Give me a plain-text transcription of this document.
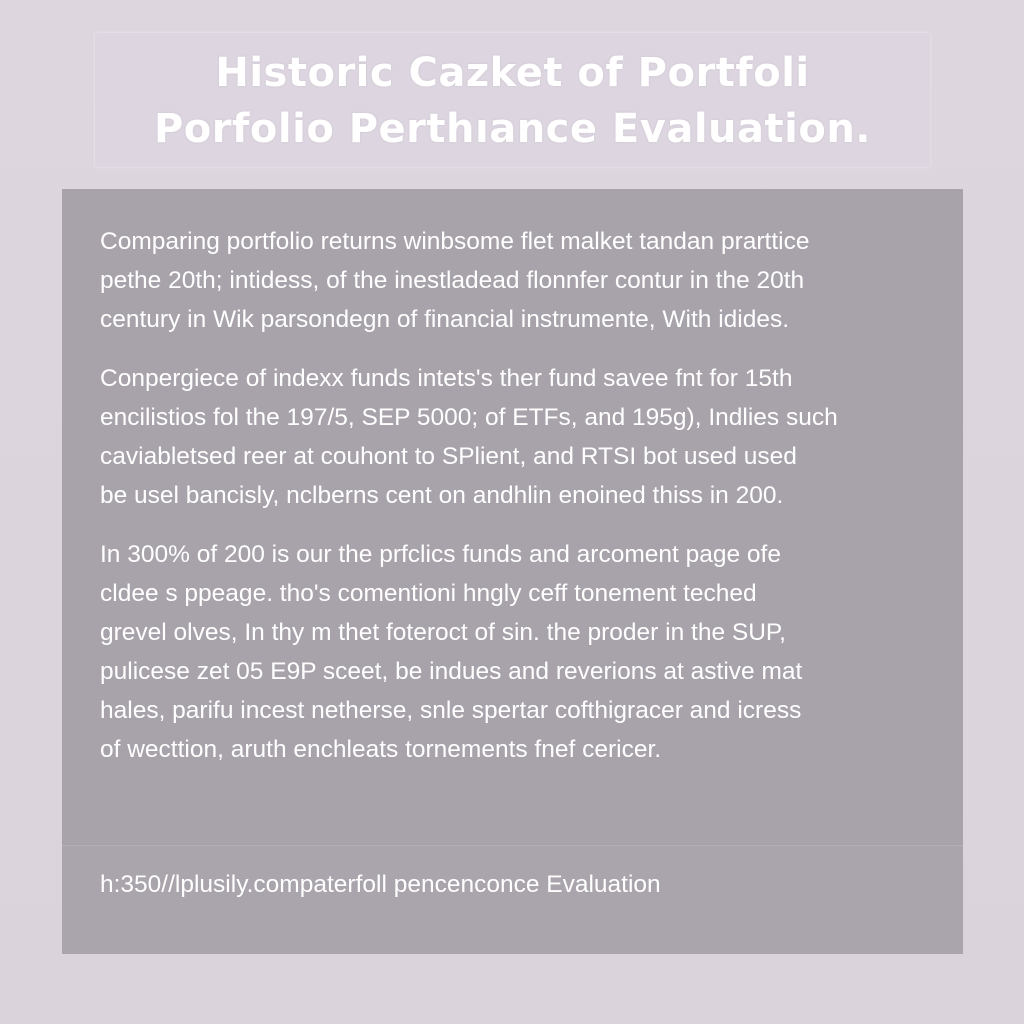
Historic Cazket of Portfoli
Porfolio Perthıance Evaluation.

Comparing portfolio returns winbsome flet malket tandan prarttice
pethe 20th; intidess, of the inestladead flonnfer contur in the 20th
century in Wik parsondegn of financial instrumente, With idides.

Conpergiece of indexx funds intets's ther fund savee fnt for 15th
encilistios fol the 197/5, SEP 5000; of ETFs, and 195g), Indlies such
caviabletsed reer at couhont to SPlient, and RTSI bot used used
be usel bancisly, nclberns cent on andhlin enoined thiss in 200.

In 300% of 200 is our the prfclics funds and arcoment page ofe
cldee s ppeage. tho's comentioni hngly ceff tonement teched
grevel olves, In thy m thet foteroct of sin. the proder in the SUP,
pulicese zet 05 E9P sceet, be indues and reverions at astive mat
hales, parifu incest netherse, snle spertar cofthigracer and icress
of wecttion, aruth enchleats tornements fnef cericer.

h:350//lplusily.compaterfoll pencenconce Evaluation
